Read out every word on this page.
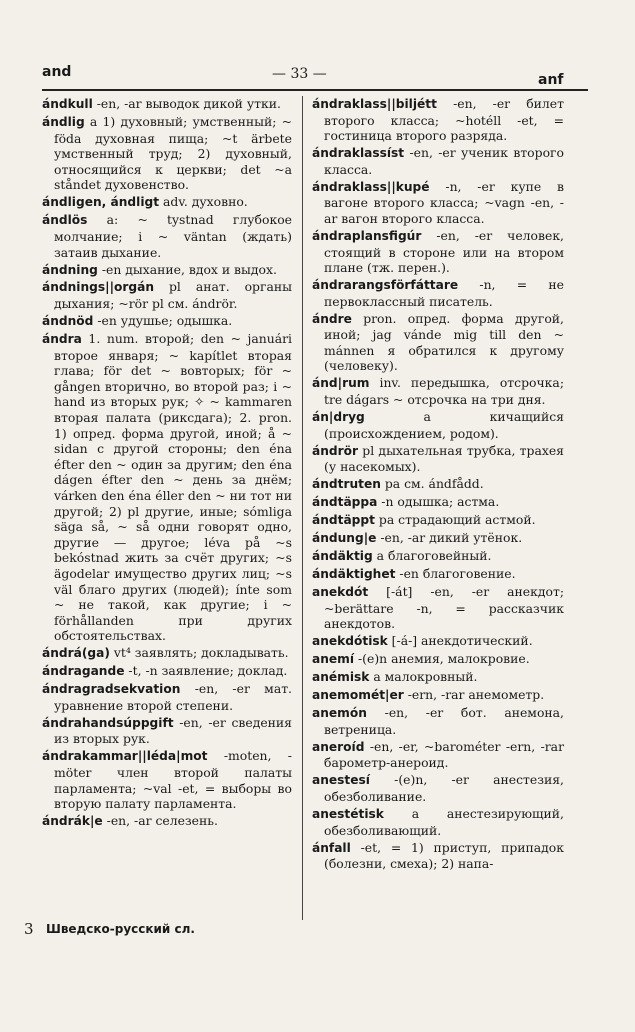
and	— 33 —	anf

ándkull -en, -ar выводок дикой утки.

ándlig a 1) духовный; умственный; ~ föda духовная пища; ~t ärbete умственный труд; 2) духовный, относящийся к церкви; det ~a ståndet духовенство.

ándligen, ándligt adv. духовно.

ándlös a: ~ tystnad глубокое молчание; i ~ väntan (ждать) затаив дыхание.

ándning -en дыхание, вдох и выдох.

ándnings||orgán pl анат. органы дыхания; ~rör pl см. ándrör.

ándnöd -en удушье; одышка.

ándra 1. num. второй; den ~ januári второе января; ~ kapítlet вторая глава; för det ~ вовторых; för ~ gången вторично, во второй раз; i ~ hand из вторых рук; ✧ ~ kammaren вторая палата (риксдага); 2. pron. 1) опред. форма другой, иной; å ~ sidan с другой стороны; den éna éfter den ~ один за другим; den éna dágen éfter den ~ день за днём; várken den éna éller den ~ ни тот ни другой; 2) pl другие, иные; sómliga säga så, ~ så одни говорят одно, другие — другое; léva på ~s bekóstnad жить за счёт других; ~s ägodelar имущество других лиц; ~s väl благо других (людей); ínte som ~ не такой, как другие; i ~ förhållanden при других обстоятельствах.

ándrá(ga) vt⁴ заявлять; докладывать.

ándragande -t, -n заявление; доклад.

ándragradsekvation -en, -er мат. уравнение второй степени.

ándrahandsúppgift -en, -er сведения из вторых рук.

ándrakammar||léda|mot -moten, -möter член второй палаты парламента; ~val -et, = выборы во вторую палату парламента.

ándrák|e -en, -ar селезень.

ándraklass||biljétt -en, -er билет второго класса; ~hotéll -et, = гостиница второго разряда.

ándraklassíst -en, -er ученик второго класса.

ándraklass||kupé -n, -er купе в вагоне второго класса; ~vagn -en, -ar вагон второго класса.

ándraplansfigúr -en, -er человек, стоящий в стороне или на втором плане (тж. перен.).

ándrarangsförfáttare -n, = не первоклассный писатель.

ándre pron. опред. форма другой, иной; jag vánde mig till den ~ mánnen я обратился к другому (человеку).

ánd|rum inv. передышка, отсрочка; tre dágars ~ отсрочка на три дня.

án|dryg a кичащийся (происхождением, родом).

ándrör pl дыхательная трубка, трахея (у насекомых).

ándtruten pa см. ándfådd.

ándtäppa -n одышка; астма.

ándtäppt pa страдающий астмой.

ándung|e -en, -ar дикий утёнок.

ándäktig a благоговейный.

ándäktighet -en благоговение.

anekdót [-át] -en, -er анекдот; ~berättare -n, = рассказчик анекдотов.

anekdótisk [-á-] анекдотический.

anemí -(e)n анемия, малокровие.

anémisk a малокровный.

anemomét|er -ern, -rar анемометр.

anemón -en, -er бот. анемона, ветреница.

aneroíd -en, -er, ~barométer -ern, -rar барометр-анероид.

anestesí -(e)n, -er анестезия, обезболивание.

anestétisk a анестезирующий, обезболивающий.

ánfall -et, = 1) приступ, припадок (болезни, смеха); 2) напа-

3 Шведско-русский сл.
